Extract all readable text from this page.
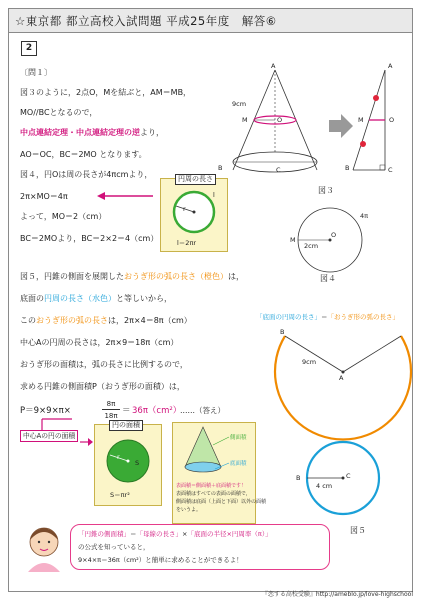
☆東京都 都立高校入試問題 平成25年度　解答⑥
2
〔問１〕
図３のように，2点O，Mを結ぶと，AM＝MB，
MO//BCとなるので，
中点連結定理・中点連結定理の逆より，
AO＝OC，BC＝2MO となります。
図４，円Oは周の長さが4πcmより，
2π×MO＝4π
よって，MO＝2（cm）
BC＝2MOより，BC＝2×2＝4（cm）
円周の長さ
r
l
l＝2πr
A
B	C
M	O
9cm
A
B	C
M	O
図３
4π
M
O
2cm
図４
図５，円錐の側面を展開したおうぎ形の弧の長さ（橙色）は，
底面の円周の長さ（水色）と等しいから，
このおうぎ形の弧の長さは，2π×4＝8π（cm）
中心Aの円周の長さは，2π×9＝18π（cm）
おうぎ形の面積は，弧の長さに比例するので，
求める円錐の側面積P（おうぎ形の面積）は，
P＝9×9×π×
8π
18π ＝ 36π（cm²）
……（答え）
中心Aの円の面積
円の面積
r
S
S＝πr²
側面積
底面積
表面積＝側面積＋底面積です！
表面積はすべての表面の面積で，
側面積は底面（上面と下面）以外の面積
をいうよ。
「底面の円周の長さ」＝「おうぎ形の弧の長さ」
B
A
9cm
B	C
4 cm
図５
「円錐の側面積」＝「母線の長さ」×「底面の半径×円周率（π）」
の公式を知っていると，
9×4×π＝36π（cm²）と簡単に求めることができるよ！
『恋する高校受験』http://ameblo.jp/love-highschool
